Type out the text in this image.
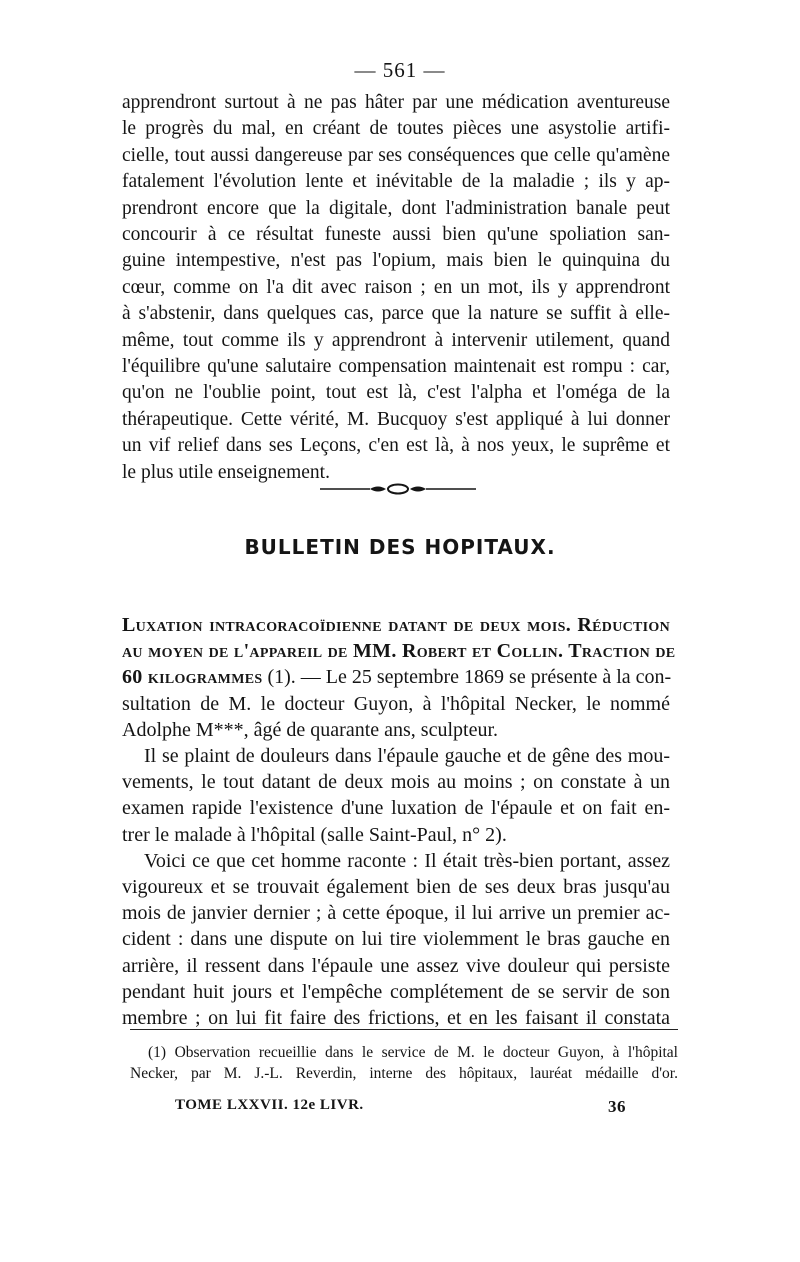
— 561 —
apprendront surtout à ne pas hâter par une médication aventureuse
le progrès du mal, en créant de toutes pièces une asystolie artifi-
cielle, tout aussi dangereuse par ses conséquences que celle qu'amène
fatalement l'évolution lente et inévitable de la maladie ; ils y ap-
prendront encore que la digitale, dont l'administration banale peut
concourir à ce résultat funeste aussi bien qu'une spoliation san-
guine intempestive, n'est pas l'opium, mais bien le quinquina du
cœur, comme on l'a dit avec raison ; en un mot, ils y apprendront
à s'abstenir, dans quelques cas, parce que la nature se suffit à elle-
même, tout comme ils y apprendront à intervenir utilement, quand
l'équilibre qu'une salutaire compensation maintenait est rompu : car,
qu'on ne l'oublie point, tout est là, c'est l'alpha et l'oméga de la
thérapeutique. Cette vérité, M. Bucquoy s'est appliqué à lui donner
un vif relief dans ses Leçons, c'en est là, à nos yeux, le suprême et
le plus utile enseignement.
BULLETIN DES HOPITAUX.
Luxation intracoracoïdienne datant de deux mois. Réduction
au moyen de l'appareil de MM. Robert et Collin. Traction de
60 kilogrammes (1). — Le 25 septembre 1869 se présente à la con-
sultation de M. le docteur Guyon, à l'hôpital Necker, le nommé
Adolphe M***, âgé de quarante ans, sculpteur.
Il se plaint de douleurs dans l'épaule gauche et de gêne des mou-
vements, le tout datant de deux mois au moins ; on constate à un
examen rapide l'existence d'une luxation de l'épaule et on fait en-
trer le malade à l'hôpital (salle Saint-Paul, n° 2).
Voici ce que cet homme raconte : Il était très-bien portant, assez
vigoureux et se trouvait également bien de ses deux bras jusqu'au
mois de janvier dernier ; à cette époque, il lui arrive un premier ac-
cident : dans une dispute on lui tire violemment le bras gauche en
arrière, il ressent dans l'épaule une assez vive douleur qui persiste
pendant huit jours et l'empêche complétement de se servir de son
membre ; on lui fit faire des frictions, et en les faisant il constata
(1) Observation recueillie dans le service de M. le docteur Guyon, à l'hôpital
Necker, par M. J.-L. Reverdin, interne des hôpitaux, lauréat médaille d'or.
TOME LXXVII. 12e LIVR.	36
